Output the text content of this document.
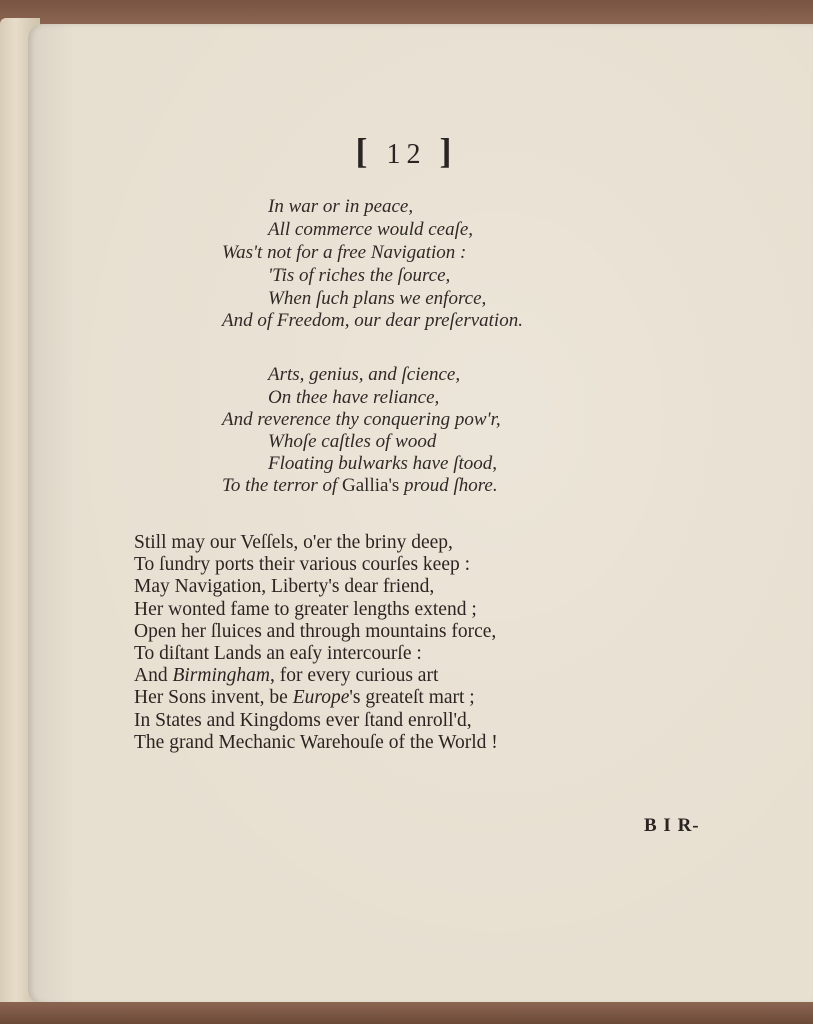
[ 12 ]
In war or in peace,
All commerce would ceaſe,
Was't not for a free Navigation :
'Tis of riches the ſource,
When ſuch plans we enforce,
And of Freedom, our dear preſervation.
Arts, genius, and ſcience,
On thee have reliance,
And reverence thy conquering pow'r,
Whoſe caſtles of wood
Floating bulwarks have ſtood,
To the terror of Gallia's proud ſhore.
Still may our Veſſels, o'er the briny deep,
To ſundry ports their various courſes keep :
May Navigation, Liberty's dear friend,
Her wonted fame to greater lengths extend ;
Open her ſluices and through mountains force,
To diſtant Lands an eaſy intercourſe :
And Birmingham, for every curious art
Her Sons invent, be Europe's greateſt mart ;
In States and Kingdoms ever ſtand enroll'd,
The grand Mechanic Warehouſe of the World !
B I R-
